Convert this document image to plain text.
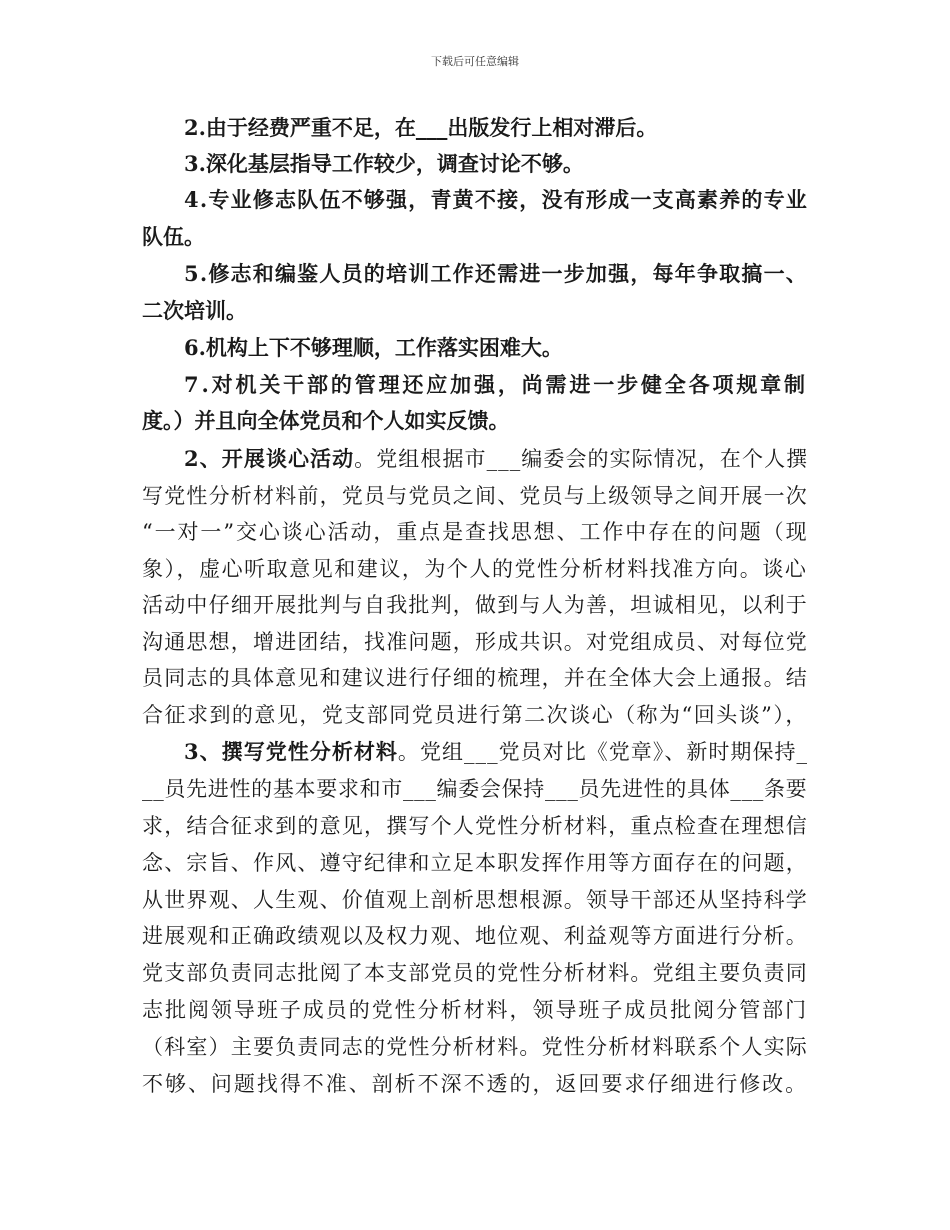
下载后可任意编辑
2.由于经费严重不足，在___出版发行上相对滞后。
3.深化基层指导工作较少，调查讨论不够。
4.专业修志队伍不够强，青黄不接，没有形成一支高素养的专业
队伍。
5.修志和编鉴人员的培训工作还需进一步加强，每年争取搞一、
二次培训。
6.机构上下不够理顺，工作落实困难大。
7.对机关干部的管理还应加强，尚需进一步健全各项规章制
度。）并且向全体党员和个人如实反馈。
2、开展谈心活动。党组根据市___编委会的实际情况，在个人撰
写党性分析材料前，党员与党员之间、党员与上级领导之间开展一次
“一对一”交心谈心活动，重点是查找思想、工作中存在的问题（现
象），虚心听取意见和建议，为个人的党性分析材料找准方向。谈心
活动中仔细开展批判与自我批判，做到与人为善，坦诚相见，以利于
沟通思想，增进团结，找准问题，形成共识。对党组成员、对每位党
员同志的具体意见和建议进行仔细的梳理，并在全体大会上通报。结
合征求到的意见，党支部同党员进行第二次谈心（称为“回头谈”），
3、撰写党性分析材料。党组___党员对比《党章》、新时期保持_
__员先进性的基本要求和市___编委会保持___员先进性的具体___条要
求，结合征求到的意见，撰写个人党性分析材料，重点检查在理想信
念、宗旨、作风、遵守纪律和立足本职发挥作用等方面存在的问题，
从世界观、人生观、价值观上剖析思想根源。领导干部还从坚持科学
进展观和正确政绩观以及权力观、地位观、利益观等方面进行分析。
党支部负责同志批阅了本支部党员的党性分析材料。党组主要负责同
志批阅领导班子成员的党性分析材料，领导班子成员批阅分管部门
（科室）主要负责同志的党性分析材料。党性分析材料联系个人实际
不够、问题找得不准、剖析不深不透的，返回要求仔细进行修改。
